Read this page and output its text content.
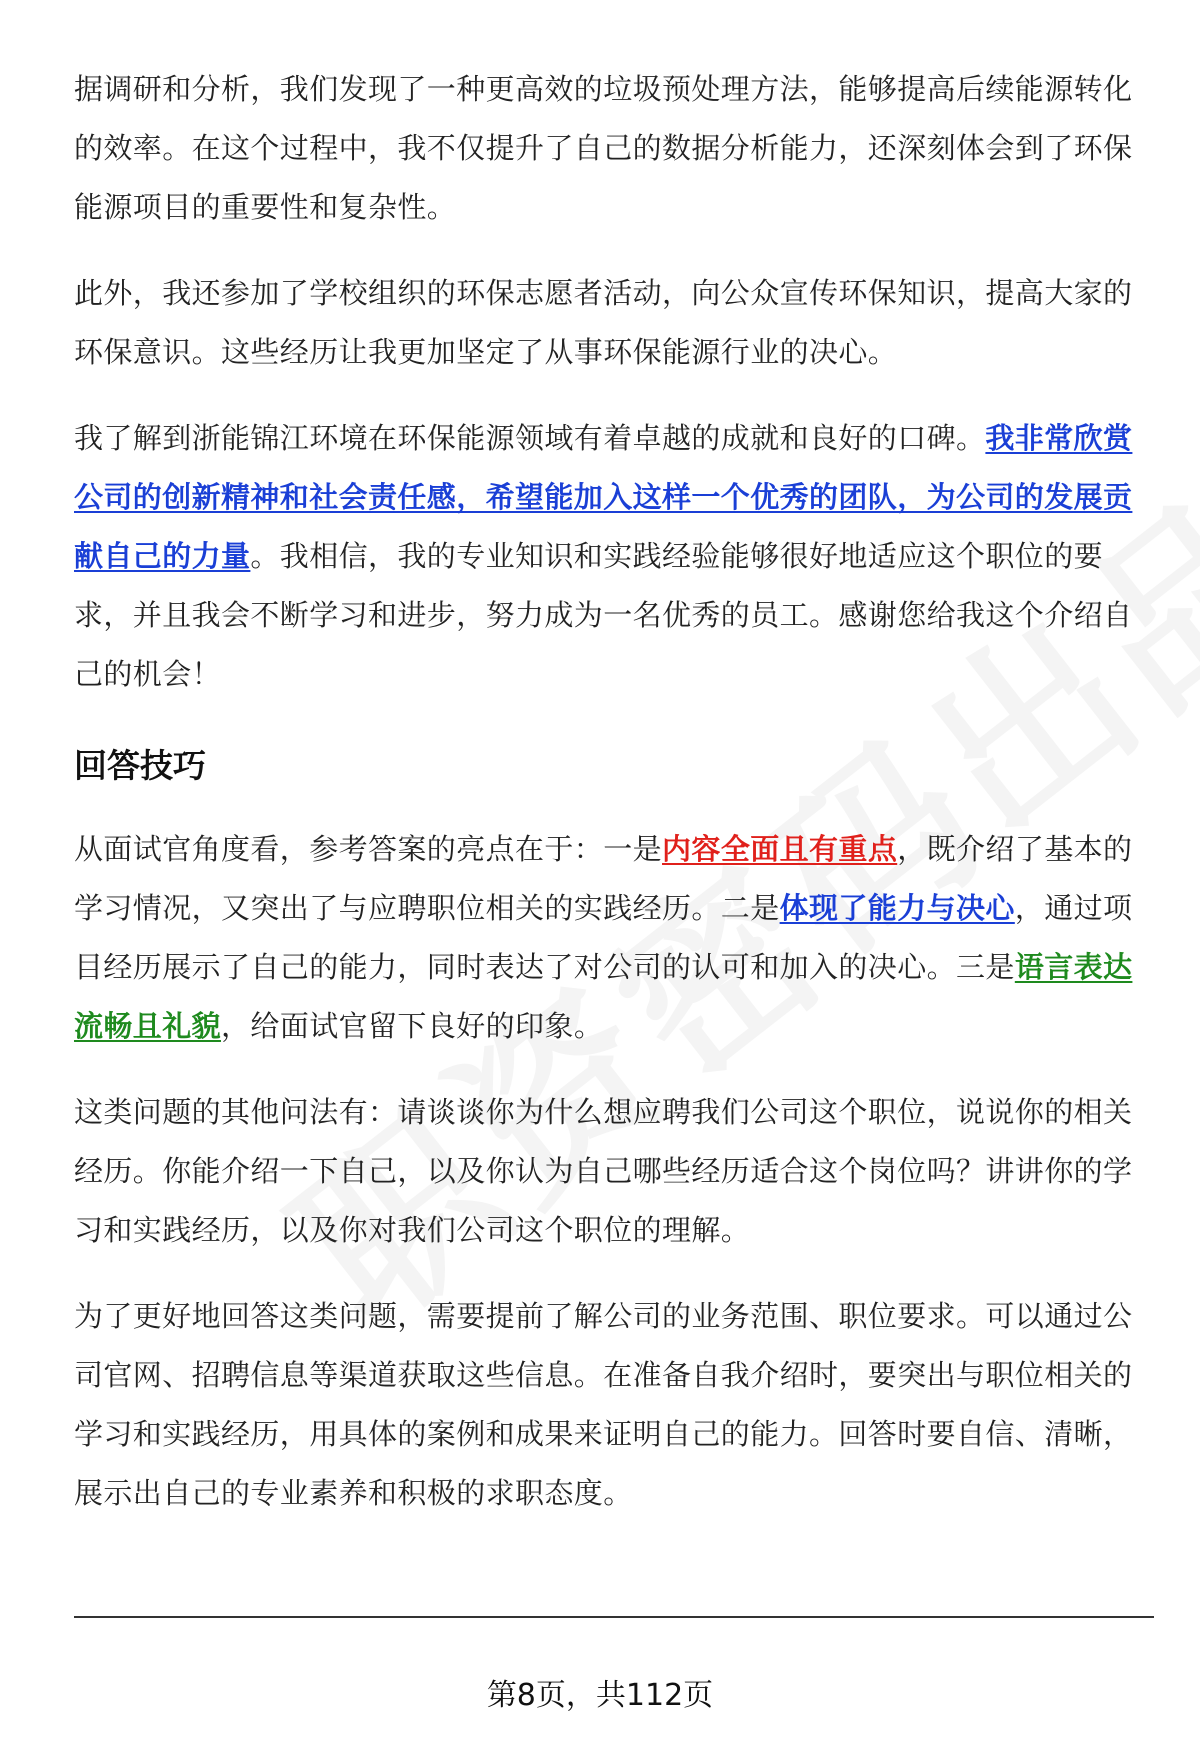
据调研和分析，我们发现了一种更高效的垃圾预处理方法，能够提高后续能源转化的效率。在这个过程中，我不仅提升了自己的数据分析能力，还深刻体会到了环保能源项目的重要性和复杂性。

此外，我还参加了学校组织的环保志愿者活动，向公众宣传环保知识，提高大家的环保意识。这些经历让我更加坚定了从事环保能源行业的决心。

我了解到浙能锦江环境在环保能源领域有着卓越的成就和良好的口碑。我非常欣赏公司的创新精神和社会责任感，希望能加入这样一个优秀的团队，为公司的发展贡献自己的力量。我相信，我的专业知识和实践经验能够很好地适应这个职位的要求，并且我会不断学习和进步，努力成为一名优秀的员工。感谢您给我这个介绍自己的机会！

回答技巧

从面试官角度看，参考答案的亮点在于：一是内容全面且有重点，既介绍了基本的学习情况，又突出了与应聘职位相关的实践经历。二是体现了能力与决心，通过项目经历展示了自己的能力，同时表达了对公司的认可和加入的决心。三是语言表达流畅且礼貌，给面试官留下良好的印象。

这类问题的其他问法有：请谈谈你为什么想应聘我们公司这个职位，说说你的相关经历。你能介绍一下自己，以及你认为自己哪些经历适合这个岗位吗？讲讲你的学习和实践经历，以及你对我们公司这个职位的理解。

为了更好地回答这类问题，需要提前了解公司的业务范围、职位要求。可以通过公司官网、招聘信息等渠道获取这些信息。在准备自我介绍时，要突出与职位相关的学习和实践经历，用具体的案例和成果来证明自己的能力。回答时要自信、清晰，展示出自己的专业素养和积极的求职态度。

第8页，共112页
